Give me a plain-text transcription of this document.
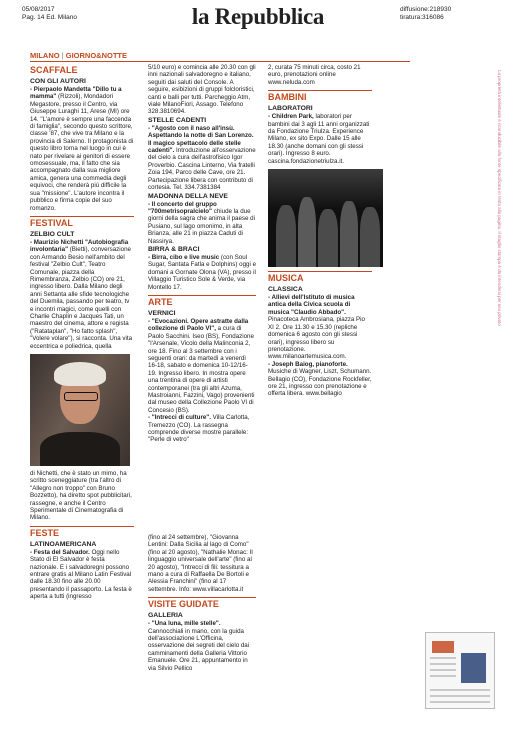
05/08/2017
Pag. 14 Ed. Milano	la Repubblica	diffusione:218930
tiratura:316086
La proprietà intellettuale è riconducibile alla fonte specificata in testa alla pagina. Il ritaglio stampa è da intendersi per uso privato
MILANO | GIORNO&NOTTE
SCAFFALE
CON GLI AUTORI

- Pierpaolo Mandetta "Dillo tu a mamma" (Rizzoli), Mondadori Megastore, presso il Centro, via Giuseppe Luraghi 11, Arese (MI) ore 14. "L'amore è sempre una faccenda di famiglia", secondo questo scrittore, classe '87, che vive tra Milano e la provincia di Salerno. Il protagonista di questo libro torna nel luogo in cui è nato per rivelare ai genitori di essere omosessuale, ma, il fatto che sia accompagnato dalla sua migliore amica, genera una commedia degli equivoci, che renderà più difficile la sua "missione". L'autore incontra il pubblico e firma copie del suo romanzo.

FESTIVAL
ZELBIO CULT

- Maurizio Nichetti "Autobiografia involontaria" (Bietti), conversazione con Armando Besio nell'ambito del festival "Zelbio Cult", Teatro Comunale, piazza della Rimembranza, Zelbio (CO) ore 21, ingresso libero. Dalla Milano degli anni Settanta alle sfide tecnologiche del Duemila, passando per teatro, tv e incontri magici, come quelli con Charlie Chaplin e Jacques Tati, un maestro del cinema, attore e regista ("Ratataplan", "Ho fatto splash", "Volere volare"), si racconta. Una vita eccentrica e poliedrica, quella

di Nichetti, che è stato un mimo, ha scritto sceneggiature (tra l'altro di "Allegro non troppo" con Bruno Bozzetto), ha diretto spot pubblicitari, rassegne, e anche il Centro Sperimentale di Cinematografia di Milano.

FESTE
LATINOAMERICANA

- Festa del Salvador. Oggi nello Stato di El Salvador è festa nazionale. E i salvadoregni possono entrare gratis al Milano Latin Festival dalle 18.30 fino alle 20.00 presentando il passaporto. La festa è aperta a tutti (ingresso

5/10 euro) e comincia alle 20.30 con gli inni nazionali salvadoregno e italiano, seguiti dai saluti del Console. A seguire, esibizioni di gruppi folcloristici, canti e balli per tutti. Parcheggio Atm, viale MilanoFiori, Assago. Telefono 328.3810694.

STELLE CADENTI

- "Agosto con il naso all'insù. Aspettando la notte di San Lorenzo. Il magico spettacolo delle stelle cadenti". Introduzione all'osservazione del cielo a cura dell'astrofisico Igor Proverbio. Cascina Linterno, Via fratelli Zoia 194, Parco delle Cave, ore 21. Partecipazione libera con contributo di cortesia. Tel. 334.7381384

MADONNA DELLA NEVE

- Il concerto del gruppo "700metrisopralcielo" chiude la due giorni della sagra che anima il paese di Pusiano, sul lago omonimo, in alta Brianza, alle 21 in piazza Caduti di Nassirya.

BIRRA & BRACI

- Birra, cibo e live music (con Soul Sugar, Santata Fatla e Dolphins) oggi e domani a Gornate Olona (VA), presso il Villaggio Turistico Sole & Verde, via Montello 17.

ARTE
VERNICI

- "Evocazioni. Opere astratte dalla collezione di Paolo VI", a cura di Paolo Sacchini. Iseo (BS), Fondazione "l'Arsenale, Vicolo della Malinconia 2, ore 18. Fino al 3 settembre con i seguenti orari: da martedì a venerdì 16-18, sabato e domenica 10-12/16-19. Ingresso libero. In mostra opere una trentina di opere di artisti contemporanei (tra gli altri Azuma, Mastroianni, Fazzini, Vago) provenienti dal museo della Collezione Paolo VI di Concesio (BS).

- "Intrecci di culture". Villa Carlotta, Tremezzo (CO). La rassegna comprende diverse mostre parallele: "Perle di vetro"

(fino al 24 settembre), "Giovanna Lentini: Dalla Sicilia al lago di Como" (fino al 20 agosto), "Nathalie Monac: Il linguaggio universale dell'arte" (fino al 20 agosto), "Intrecci di fili: tessitura a mano a cura di Raffaella De Bortoli e Alessia Franchini" (fino al 17 settembre. Info: www.villacarlotta.it

VISITE GUIDATE
GALLERIA

- "Una luna, mille stelle". Cannocchiali in mano, con la guida dell'associazione L'Officina, osservazione dei segreti del cielo dai camminamenti della Galleria Vittorio Emanuele. Ore 21, appuntamento in via Silvio Pellico

2, curata 75 minuti circa, costo 21 euro, prenotazioni online www.neluda.com

BAMBINI
LABORATORI

- Children Park, laboratori per bambini dai 3 agli 11 anni organizzati da Fondazione Triulza. Experience Milano, ex sito Expo. Dalle 15 alle 18.30 (anche domani con gli stessi orari). Ingresso 8 euro. cascina.fondazionetriulza.it.

MUSICA
CLASSICA

- Allievi dell'Istituto di musica antica della Civica scuola di musica "Claudio Abbado". Pinacoteca Ambrosiana, piazza Pio XI 2. Ore 11.30 e 15.30 (repliche domenica 6 agosto con gli stessi orari), ingresso libero su prenotazione. www.milanoartemusica.com.

- Joseph Baiog, pianoforte. Musiche di Wagner, Liszt, Schumann. Bellagio (CO), Fondazione Rockfeller, ore 21, ingresso con prenotazione e offerta libera. www.bellagio
